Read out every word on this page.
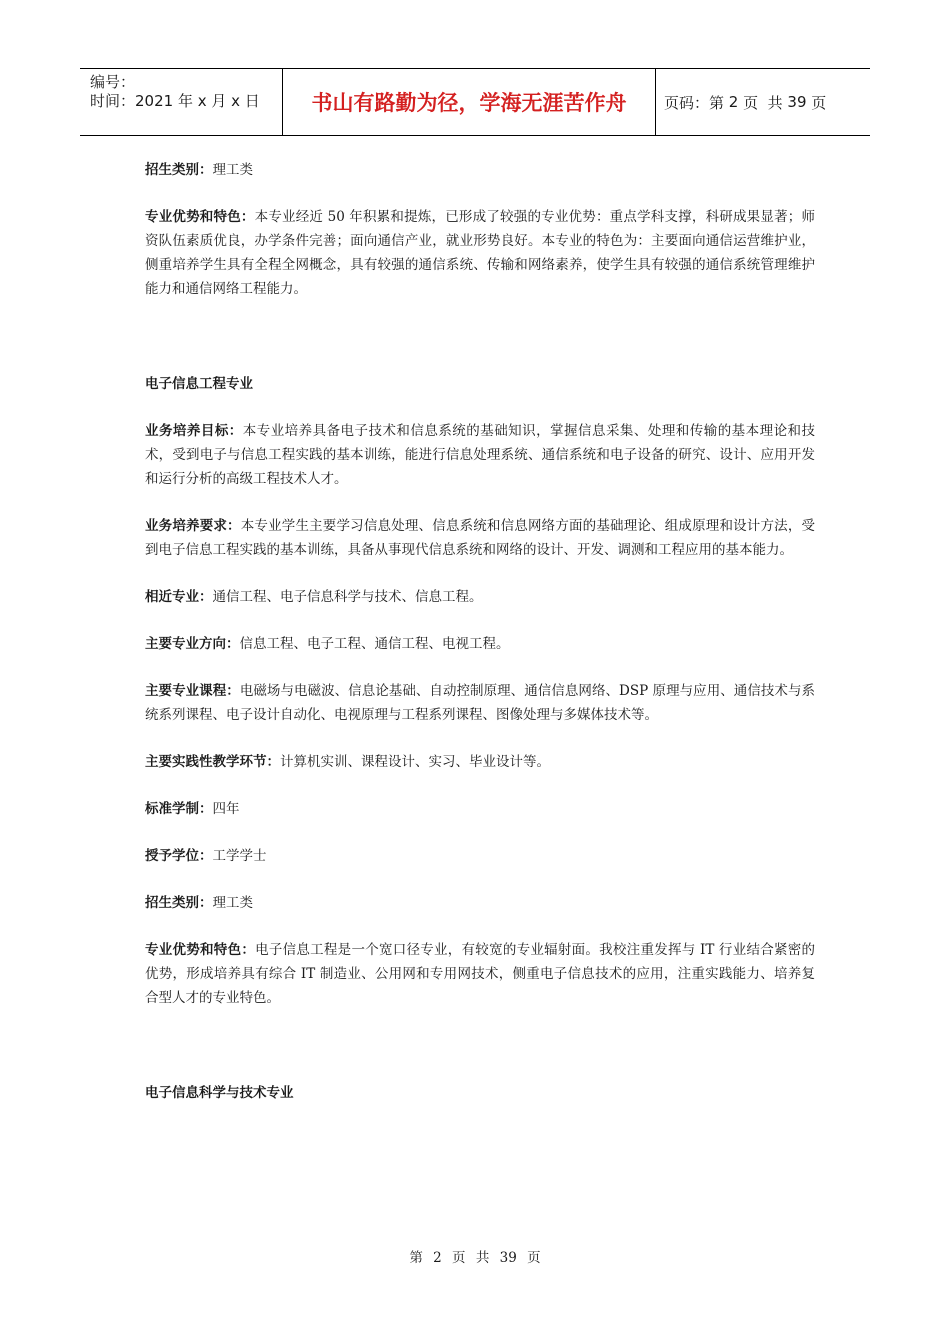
编号：
时间：2021 年 x 月 x 日	书山有路勤为径，学海无涯苦作舟	页码：第 2 页  共 39 页

招生类别：理工类

专业优势和特色：本专业经近 50 年积累和提炼，已形成了较强的专业优势：重点学科支撑，科研成果显著；师资队伍素质优良，办学条件完善；面向通信产业，就业形势良好。本专业的特色为：主要面向通信运营维护业，侧重培养学生具有全程全网概念，具有较强的通信系统、传输和网络素养，使学生具有较强的通信系统管理维护能力和通信网络工程能力。

电子信息工程专业

业务培养目标：本专业培养具备电子技术和信息系统的基础知识，掌握信息采集、处理和传输的基本理论和技术，受到电子与信息工程实践的基本训练，能进行信息处理系统、通信系统和电子设备的研究、设计、应用开发和运行分析的高级工程技术人才。

业务培养要求：本专业学生主要学习信息处理、信息系统和信息网络方面的基础理论、组成原理和设计方法，受到电子信息工程实践的基本训练，具备从事现代信息系统和网络的设计、开发、调测和工程应用的基本能力。

相近专业：通信工程、电子信息科学与技术、信息工程。

主要专业方向：信息工程、电子工程、通信工程、电视工程。

主要专业课程：电磁场与电磁波、信息论基础、自动控制原理、通信信息网络、DSP 原理与应用、通信技术与系统系列课程、电子设计自动化、电视原理与工程系列课程、图像处理与多媒体技术等。

主要实践性教学环节：计算机实训、课程设计、实习、毕业设计等。

标准学制：四年

授予学位：工学学士

招生类别：理工类

专业优势和特色：电子信息工程是一个宽口径专业，有较宽的专业辐射面。我校注重发挥与 IT 行业结合紧密的优势，形成培养具有综合 IT 制造业、公用网和专用网技术，侧重电子信息技术的应用，注重实践能力、培养复合型人才的专业特色。

电子信息科学与技术专业

第 2 页 共 39 页
